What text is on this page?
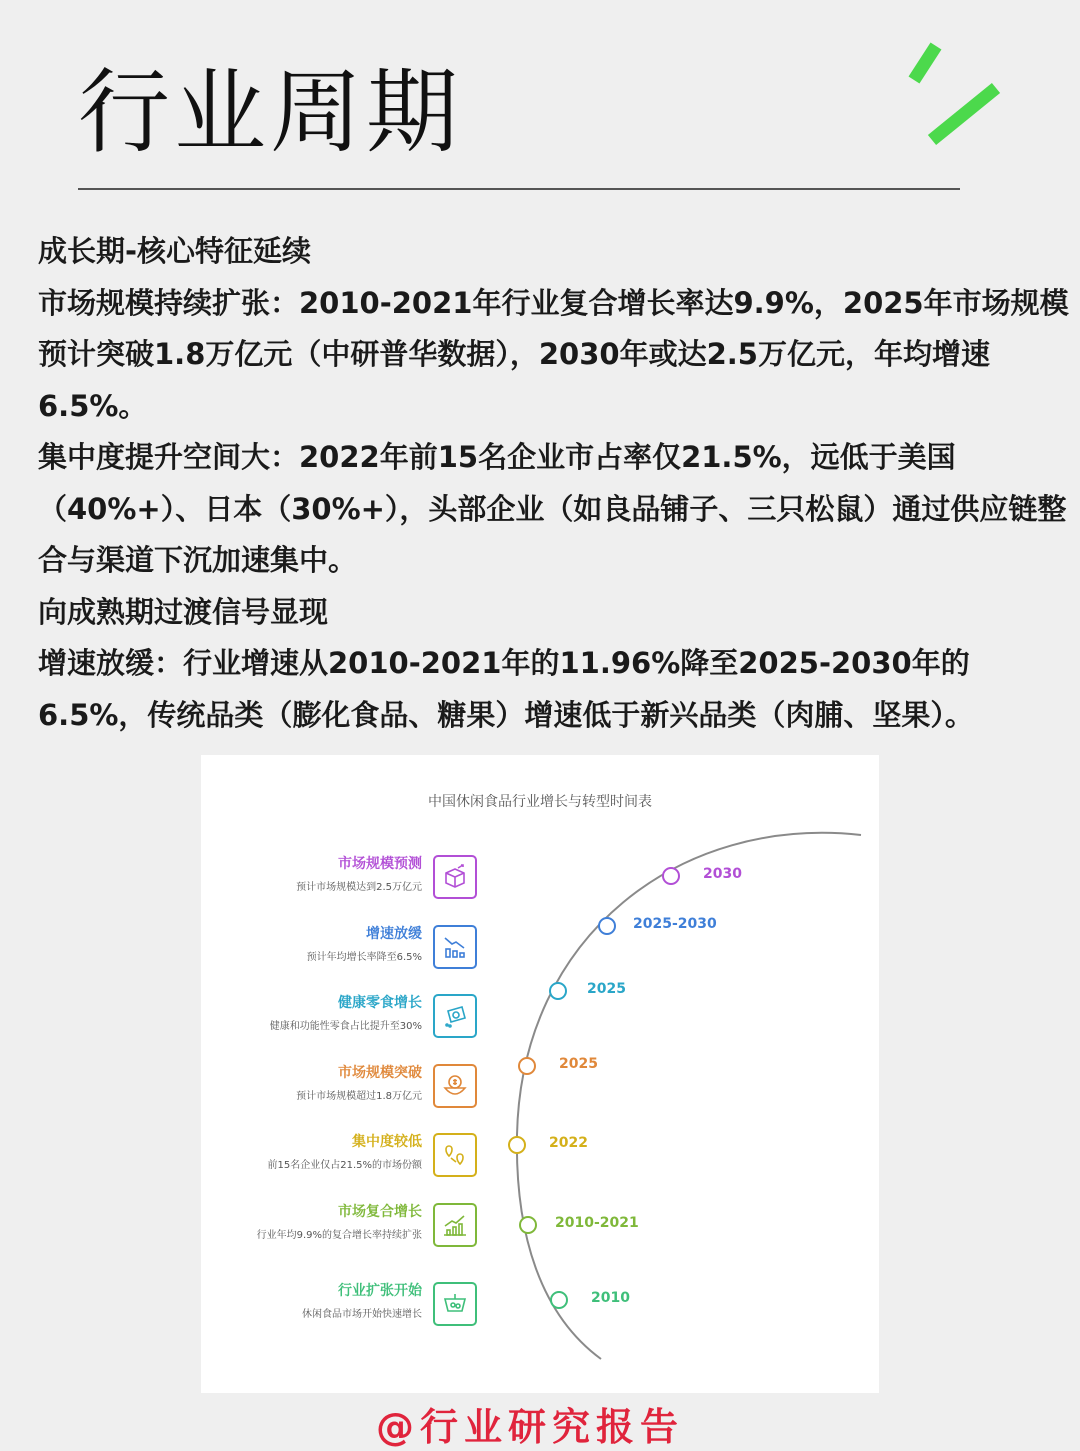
行业周期

成长期-核心特征延续

市场规模持续扩张：2010-2021年行业复合增长率达9.9%，2025年市场规模预计突破1.8万亿元（中研普华数据），2030年或达2.5万亿元，年均增速6.5%。

集中度提升空间大：2022年前15名企业市占率仅21.5%，远低于美国（40%+）、日本（30%+），头部企业（如良品铺子、三只松鼠）通过供应链整合与渠道下沉加速集中。

向成熟期过渡信号显现

增速放缓：行业增速从2010-2021年的11.96%降至2025-2030年的6.5%，传统品类（膨化食品、糖果）增速低于新兴品类（肉脯、坚果）。

中国休闲食品行业增长与转型时间表
市场规模预测
预计市场规模达到2.5万亿元
2030
增速放缓
预计年均增长率降至6.5%
2025-2030
健康零食增长
健康和功能性零食占比提升至30%
2025
市场规模突破
预计市场规模超过1.8万亿元
2025
集中度较低
前15名企业仅占21.5%的市场份额
2022
市场复合增长
行业年均9.9%的复合增长率持续扩张
2010-2021
行业扩张开始
休闲食品市场开始快速增长
2010
@行业研究报告
